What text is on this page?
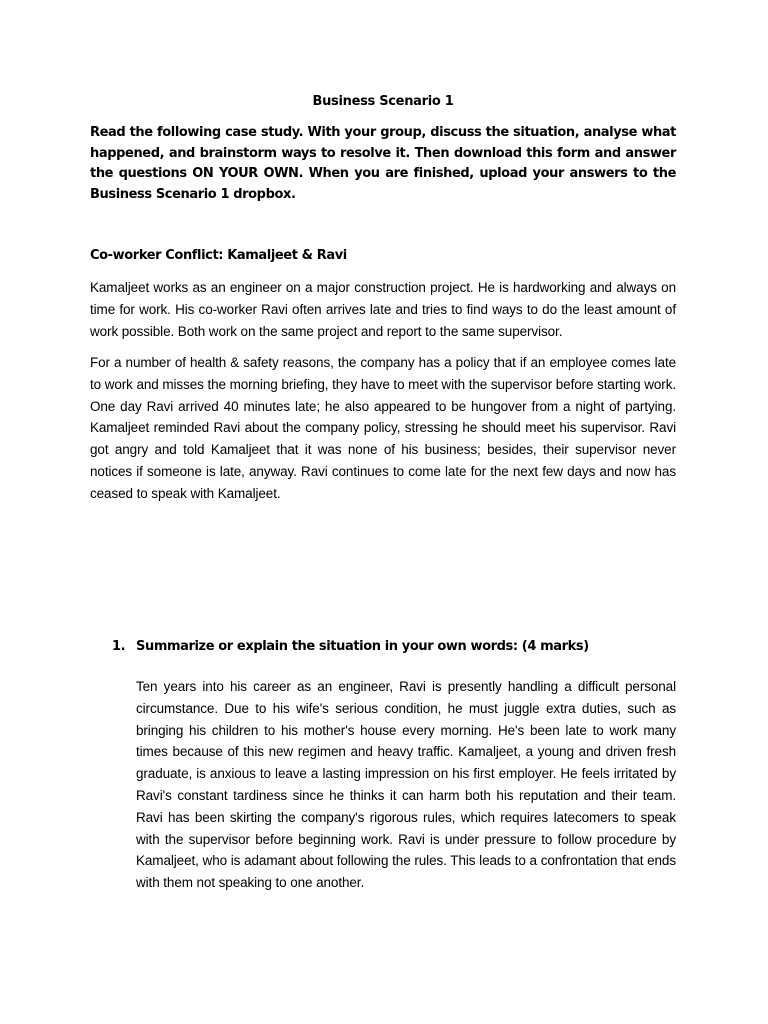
Business Scenario 1

Read the following case study. With your group, discuss the situation, analyse what happened, and brainstorm ways to resolve it. Then download this form and answer the questions ON YOUR OWN. When you are finished, upload your answers to the Business Scenario 1 dropbox.

Co-worker Conflict: Kamaljeet & Ravi

Kamaljeet works as an engineer on a major construction project. He is hardworking and always on time for work. His co-worker Ravi often arrives late and tries to find ways to do the least amount of work possible. Both work on the same project and report to the same supervisor.

For a number of health & safety reasons, the company has a policy that if an employee comes late to work and misses the morning briefing, they have to meet with the supervisor before starting work. One day Ravi arrived 40 minutes late; he also appeared to be hungover from a night of partying. Kamaljeet reminded Ravi about the company policy, stressing he should meet his supervisor. Ravi got angry and told Kamaljeet that it was none of his business; besides, their supervisor never notices if someone is late, anyway. Ravi continues to come late for the next few days and now has ceased to speak with Kamaljeet.

1. Summarize or explain the situation in your own words: (4 marks)

Ten years into his career as an engineer, Ravi is presently handling a difficult personal circumstance. Due to his wife's serious condition, he must juggle extra duties, such as bringing his children to his mother's house every morning. He's been late to work many times because of this new regimen and heavy traffic. Kamaljeet, a young and driven fresh graduate, is anxious to leave a lasting impression on his first employer. He feels irritated by Ravi's constant tardiness since he thinks it can harm both his reputation and their team. Ravi has been skirting the company's rigorous rules, which requires latecomers to speak with the supervisor before beginning work. Ravi is under pressure to follow procedure by Kamaljeet, who is adamant about following the rules. This leads to a confrontation that ends with them not speaking to one another.
